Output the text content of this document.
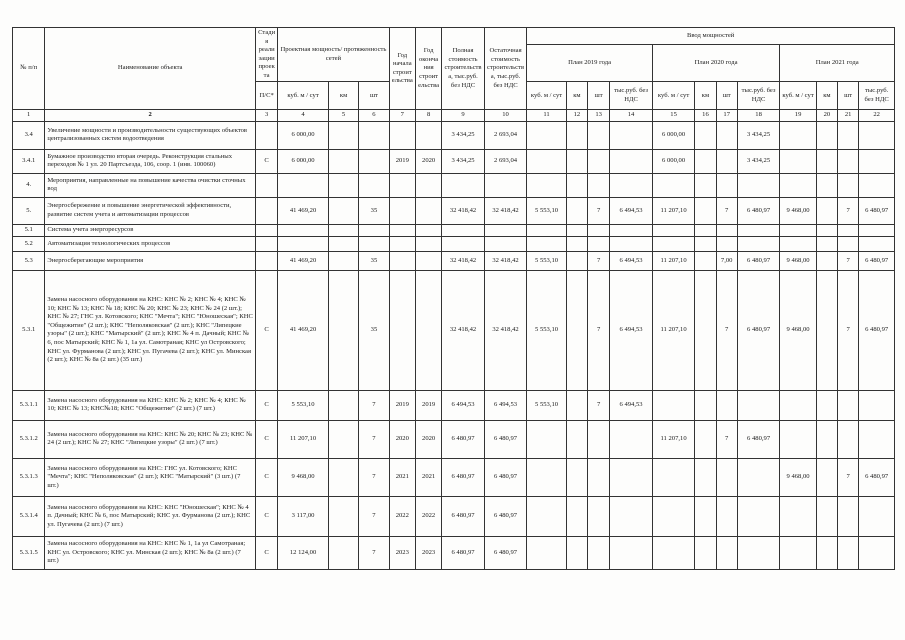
№ п/п	Наименование объекта	Стадия реализации проекта	Проектная мощность/ протяженность сетей			Год начала строительства	Год окончания строительства	Полная стоимость строительства, тыс.руб. без НДС	Остаточная стоимость строительства, тыс.руб. без НДС	Ввод мощностей											
										План 2019 года				План 2020 года				План 2021 года			
		П/С*	куб. м / сут	км	шт					куб. м / сут	км	шт	тыс.руб. без НДС	куб. м / сут	км	шт	тыс.руб. без НДС	куб. м / сут	км	шт	тыс.руб. без НДС
1	2	3	4	5	6	7	8	9	10	11	12	13	14	15	16	17	18	19	20	21	22
3.4	Увеличение мощности и производительности существующих объектов централизованных систем водоотведения		6 000,00					3 434,25	2 693,04					6 000,00			3 434,25				
3.4.1	Бумажное производство вторая очередь. Реконструкция стальных переходов № 1 ул. 20 Партсъезда, 106, соор. 1 (инв. 100060)	С	6 000,00			2019	2020	3 434,25	2 693,04					6 000,00			3 434,25				
4.	Мероприятия, направленные на повышение качества очистки сточных вод																				
5.	Энергосбережение и повышение энергетической эффективности, развитие систем учета и автоматизации процессов		41 469,20		35			32 418,42	32 418,42	5 553,10		7	6 494,53	11 207,10		7	6 480,97	9 468,00		7	6 480,97
5.1	Система учета энергоресурсов																				
5.2	Автоматизация технологических процессов																				
5.3	Энергосберегающие мероприятия		41 469,20		35			32 418,42	32 418,42	5 553,10		7	6 494,53	11 207,10		7,00	6 480,97	9 468,00		7	6 480,97
5.3.1	Замена насосного оборудования на КНС: КНС № 2; КНС № 4; КНС № 10; КНС № 13; КНС № 18; КНС № 20; КНС № 23; КНС № 24 (2 шт.); КНС № 27; ГНС ул. Котовского; КНС "Мечта"; КНС "Юношеская"; КНС "Общежитие" (2 шт.); КНС "Неполяковская" (2 шт.); КНС "Липецкие узоры" (2 шт.); КНС "Матырский" (2 шт.); КНС № 4 п. Дачный; КНС № 6, пос Матырский; КНС № 1, 1а ул. Самотраная; КНС ул Островского; КНС ул. Фурманова (2 шт.); КНС ул. Пугачева (2 шт.); КНС ул. Минская (2 шт.); КНС № 8а (2 шт.) (35 шт.)	С	41 469,20		35			32 418,42	32 418,42	5 553,10		7	6 494,53	11 207,10		7	6 480,97	9 468,00		7	6 480,97
5.3.1.1	Замена насосного оборудования на КНС: КНС № 2; КНС № 4; КНС № 10; КНС № 13; КНС№18; КНС "Общежитие" (2 шт.) (7 шт.)	С	5 553,10		7	2019	2019	6 494,53	6 494,53	5 553,10		7	6 494,53								
5.3.1.2	Замена насосного оборудования на КНС: КНС № 20; КНС № 23; КНС № 24 (2 шт.); КНС № 27; КНС "Липецкие узоры" (2 шт.) (7 шт.)	С	11 207,10		7	2020	2020	6 480,97	6 480,97					11 207,10		7	6 480,97				
5.3.1.3	Замена насосного оборудования на КНС: ГНС ул. Котовского; КНС "Мечта"; КНС "Неполяковская" (2 шт.); КНС "Матырский" (3 шт.) (7 шт.)	С	9 468,00		7	2021	2021	6 480,97	6 480,97									9 468,00		7	6 480,97
5.3.1.4	Замена насосного оборудования на КНС: КНС "Юношеская"; КНС № 4 п. Дачный; КНС № 6, пос Матырский; КНС ул. Фурманова (2 шт.); КНС ул. Пугачева (2 шт.) (7 шт.)	С	3 117,00		7	2022	2022	6 480,97	6 480,97												
5.3.1.5	Замена насосного оборудования на КНС: КНС № 1, 1а ул Самотраная; КНС ул. Островского; КНС ул. Минская (2 шт.); КНС № 8а (2 шт.) (7 шт.)	С	12 124,00		7	2023	2023	6 480,97	6 480,97												
